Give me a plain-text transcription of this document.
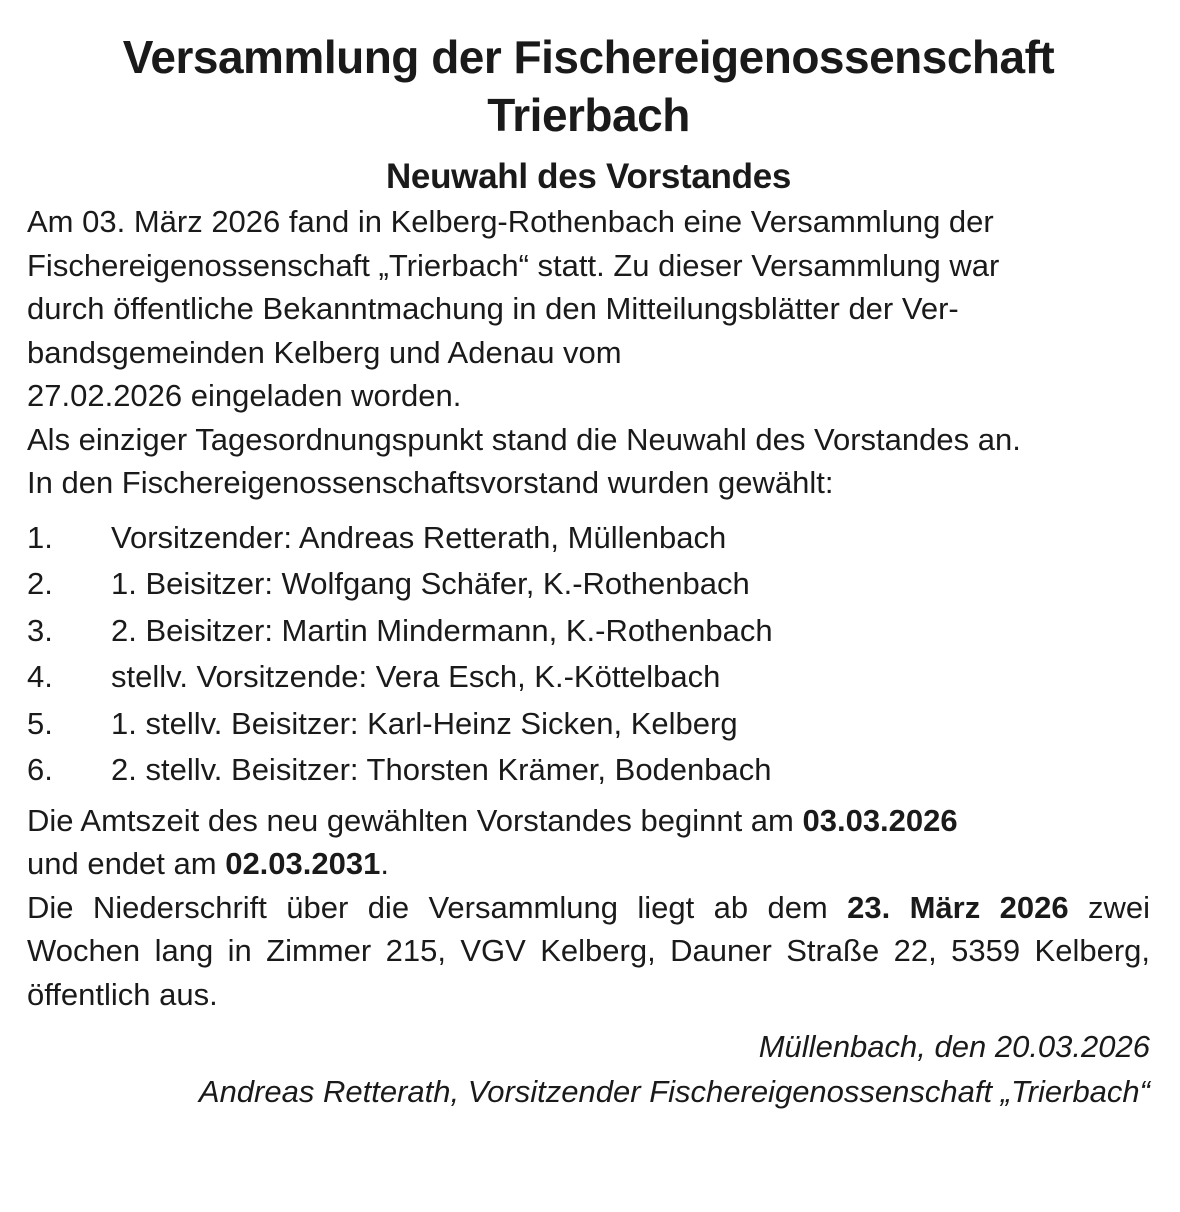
Versammlung der Fischereigenossenschaft
Trierbach
Neuwahl des Vorstandes

Am 03. März 2026 fand in Kelberg-Rothenbach eine Versammlung der
Fischereigenossenschaft „Trierbach“ statt. Zu dieser Versammlung war
durch öffentliche Bekanntmachung in den Mitteilungsblätter der Ver-
bandsgemeinden Kelberg und Adenau vom
27.02.2026 eingeladen worden.

Als einziger Tagesordnungspunkt stand die Neuwahl des Vorstandes an.

In den Fischereigenossenschaftsvorstand wurden gewählt:

1.	Vorsitzender: Andreas Retterath, Müllenbach
2.	1. Beisitzer: Wolfgang Schäfer, K.-Rothenbach
3.	2. Beisitzer: Martin Mindermann, K.-Rothenbach
4.	stellv. Vorsitzende: Vera Esch, K.-Köttelbach
5.	1. stellv. Beisitzer: Karl-Heinz Sicken, Kelberg
6.	2. stellv. Beisitzer: Thorsten Krämer, Bodenbach

Die Amtszeit des neu gewählten Vorstandes beginnt am 03.03.2026
und endet am 02.03.2031.

Die Niederschrift über die Versammlung liegt ab dem 23. März 2026 zwei Wochen lang in Zimmer 215, VGV Kelberg, Dauner Straße 22, 5359 Kelberg, öffentlich aus.

Müllenbach, den 20.03.2026
Andreas Retterath, Vorsitzender Fischereigenossenschaft „Trierbach“
